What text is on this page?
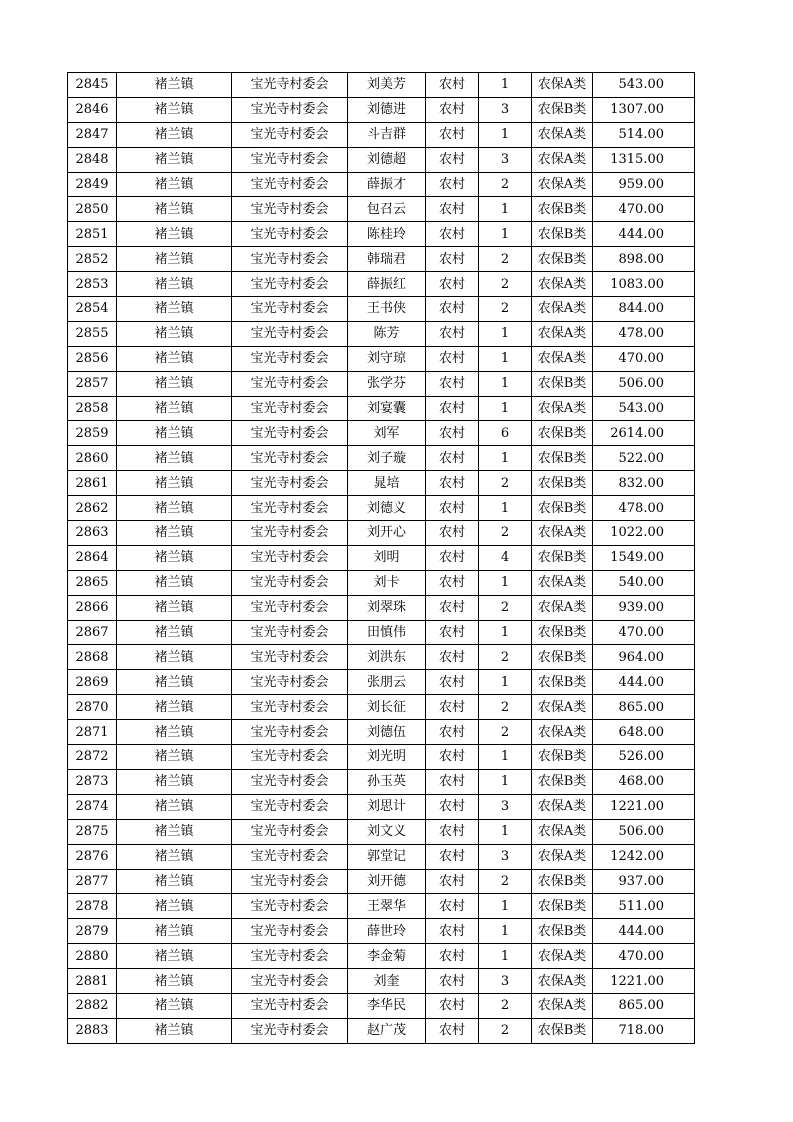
2845	褚兰镇	宝光寺村委会	刘美芳	农村	1	农保A类	543.00
2846	褚兰镇	宝光寺村委会	刘德进	农村	3	农保B类	1307.00
2847	褚兰镇	宝光寺村委会	斗吉群	农村	1	农保A类	514.00
2848	褚兰镇	宝光寺村委会	刘德超	农村	3	农保A类	1315.00
2849	褚兰镇	宝光寺村委会	薛振才	农村	2	农保A类	959.00
2850	褚兰镇	宝光寺村委会	包召云	农村	1	农保B类	470.00
2851	褚兰镇	宝光寺村委会	陈桂玲	农村	1	农保B类	444.00
2852	褚兰镇	宝光寺村委会	韩瑞君	农村	2	农保B类	898.00
2853	褚兰镇	宝光寺村委会	薛振红	农村	2	农保A类	1083.00
2854	褚兰镇	宝光寺村委会	王书侠	农村	2	农保A类	844.00
2855	褚兰镇	宝光寺村委会	陈芳	农村	1	农保A类	478.00
2856	褚兰镇	宝光寺村委会	刘守琼	农村	1	农保A类	470.00
2857	褚兰镇	宝光寺村委会	张学芬	农村	1	农保B类	506.00
2858	褚兰镇	宝光寺村委会	刘宴囊	农村	1	农保A类	543.00
2859	褚兰镇	宝光寺村委会	刘军	农村	6	农保B类	2614.00
2860	褚兰镇	宝光寺村委会	刘子璇	农村	1	农保B类	522.00
2861	褚兰镇	宝光寺村委会	晁培	农村	2	农保B类	832.00
2862	褚兰镇	宝光寺村委会	刘德义	农村	1	农保B类	478.00
2863	褚兰镇	宝光寺村委会	刘开心	农村	2	农保A类	1022.00
2864	褚兰镇	宝光寺村委会	刘明	农村	4	农保B类	1549.00
2865	褚兰镇	宝光寺村委会	刘卡	农村	1	农保A类	540.00
2866	褚兰镇	宝光寺村委会	刘翠珠	农村	2	农保A类	939.00
2867	褚兰镇	宝光寺村委会	田慎伟	农村	1	农保B类	470.00
2868	褚兰镇	宝光寺村委会	刘洪东	农村	2	农保B类	964.00
2869	褚兰镇	宝光寺村委会	张朋云	农村	1	农保B类	444.00
2870	褚兰镇	宝光寺村委会	刘长征	农村	2	农保A类	865.00
2871	褚兰镇	宝光寺村委会	刘德伍	农村	2	农保A类	648.00
2872	褚兰镇	宝光寺村委会	刘光明	农村	1	农保B类	526.00
2873	褚兰镇	宝光寺村委会	孙玉英	农村	1	农保B类	468.00
2874	褚兰镇	宝光寺村委会	刘思计	农村	3	农保A类	1221.00
2875	褚兰镇	宝光寺村委会	刘文义	农村	1	农保A类	506.00
2876	褚兰镇	宝光寺村委会	郭堂记	农村	3	农保A类	1242.00
2877	褚兰镇	宝光寺村委会	刘开德	农村	2	农保B类	937.00
2878	褚兰镇	宝光寺村委会	王翠华	农村	1	农保B类	511.00
2879	褚兰镇	宝光寺村委会	薛世玲	农村	1	农保B类	444.00
2880	褚兰镇	宝光寺村委会	李金菊	农村	1	农保A类	470.00
2881	褚兰镇	宝光寺村委会	刘奎	农村	3	农保A类	1221.00
2882	褚兰镇	宝光寺村委会	李华民	农村	2	农保A类	865.00
2883	褚兰镇	宝光寺村委会	赵广茂	农村	2	农保B类	718.00
